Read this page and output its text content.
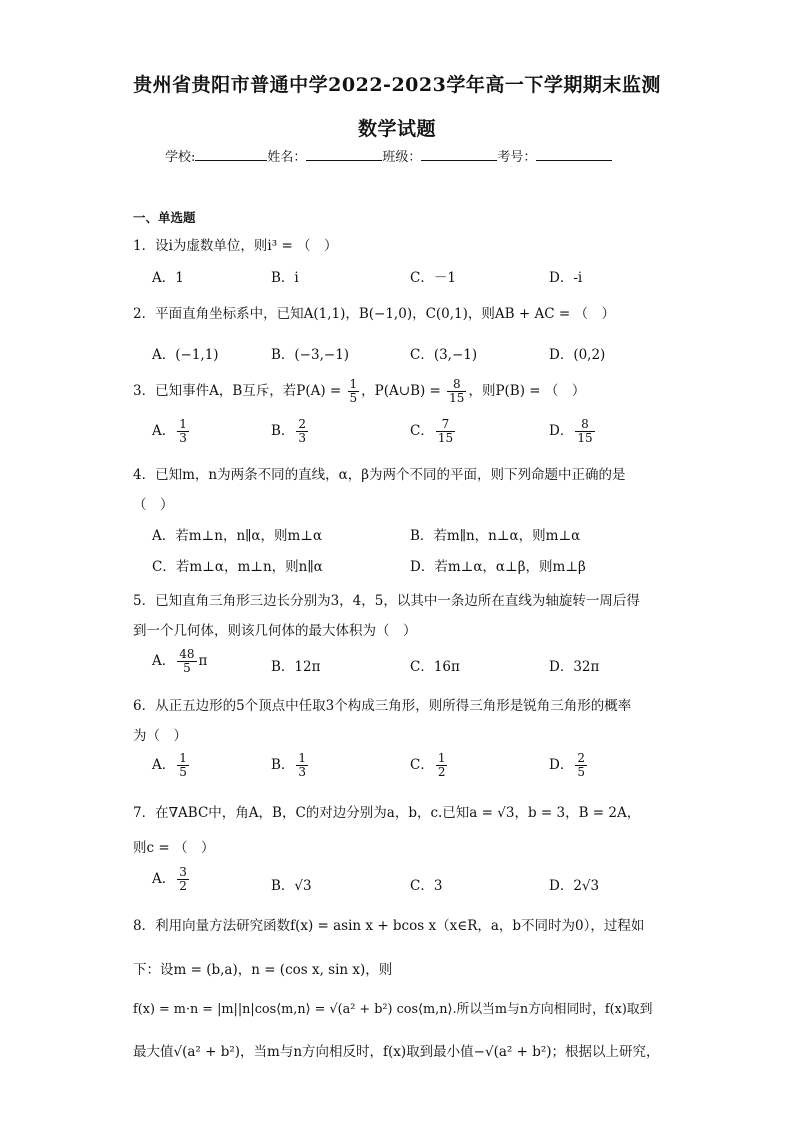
贵州省贵阳市普通中学2022-2023学年高一下学期期末监测
数学试题
学校:	姓名：	班级：	考号：
一、单选题
1．设i为虚数单位，则i³ = （　）
A．1	B．i	C．－1	D．-i
2．平面直角坐标系中，已知A(1,1)，B(−1,0)，C(0,1)，则AB + AC = （　）
A．(−1,1)	B．(−3,−1)	C．(3,−1)	D．(0,2)
3．已知事件A，B互斥，若$P(A) = \frac{1}{5}$ ，P(A∪B) = $\frac{8}{15}$ ，则P(B) = （　）
A． $\frac{1}{3}$	B． $\frac{2}{3}$	C． $\frac{7}{15}$	D． $\frac{8}{15}$
4．已知m，n为两条不同的直线，α，β为两个不同的平面，则下列命题中正确的是
（　）
A．若m⊥n，n∥α，则m⊥α	B．若m∥n，n⊥α，则m⊥α
C．若m⊥α，m⊥n，则n∥α	D．若m⊥α，α⊥β，则m⊥β
5．已知直角三角形三边长分别为3，4，5，以其中一条边所在直线为轴旋转一周后得
到一个几何体，则该几何体的最大体积为（　）
A． $\frac{48}{5}$ π	B．12π	C．16π	D．32π
6．从正五边形的5个顶点中任取3个构成三角形，则所得三角形是锐角三角形的概率
为（　）
A． $\frac{1}{5}$	B． $\frac{1}{3}$	C． $\frac{1}{2}$	D． $\frac{2}{5}$
7．在∇ABC中，角A，B，C的对边分别为a，b，c.已知a = √3，b = 3，B = 2A，
则c = （　）
A． $\frac{3}{2}$	B．√3	C．3	D．2√3
8．利用向量方法研究函数f(x) = asin x + bcos x（x∈R，a，b不同时为0），过程如
下：设m = (b,a)，n = (cos x, sin x)，则
f(x) = m·n = |m||n|cos⟨m,n⟩ = √(a² + b²) cos⟨m,n⟩.所以当m与n方向相同时，f(x)取到
最大值√(a² + b²)，当m与n方向相反时，f(x)取到最小值−√(a² + b²)；根据以上研究，
